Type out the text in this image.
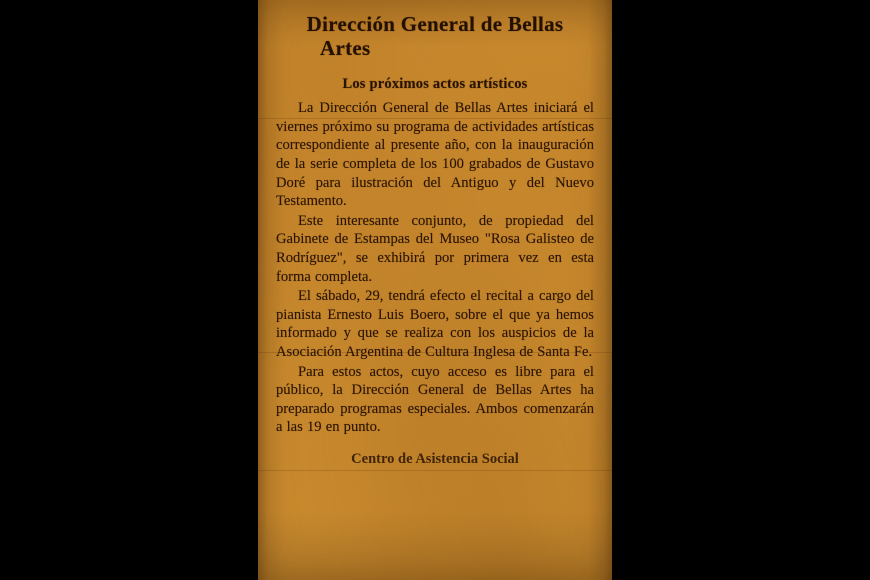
Dirección General de Bellas
Artes
Los próximos actos artísticos

La Dirección General de Bellas Artes iniciará el viernes próximo su programa de actividades artísticas correspondiente al presente año, con la inauguración de la serie completa de los 100 grabados de Gustavo Doré para ilustración del Antiguo y del Nuevo Testamento.

Este interesante conjunto, de propiedad del Gabinete de Estampas del Museo "Rosa Galisteo de Rodríguez", se exhibirá por primera vez en esta forma completa.

El sábado, 29, tendrá efecto el recital a cargo del pianista Ernesto Luis Boero, sobre el que ya hemos informado y que se realiza con los auspicios de la Asociación Argentina de Cultura Inglesa de Santa Fe.

Para estos actos, cuyo acceso es libre para el público, la Dirección General de Bellas Artes ha preparado programas especiales. Ambos comenzarán a las 19 en punto.

Centro de Asistencia Social
